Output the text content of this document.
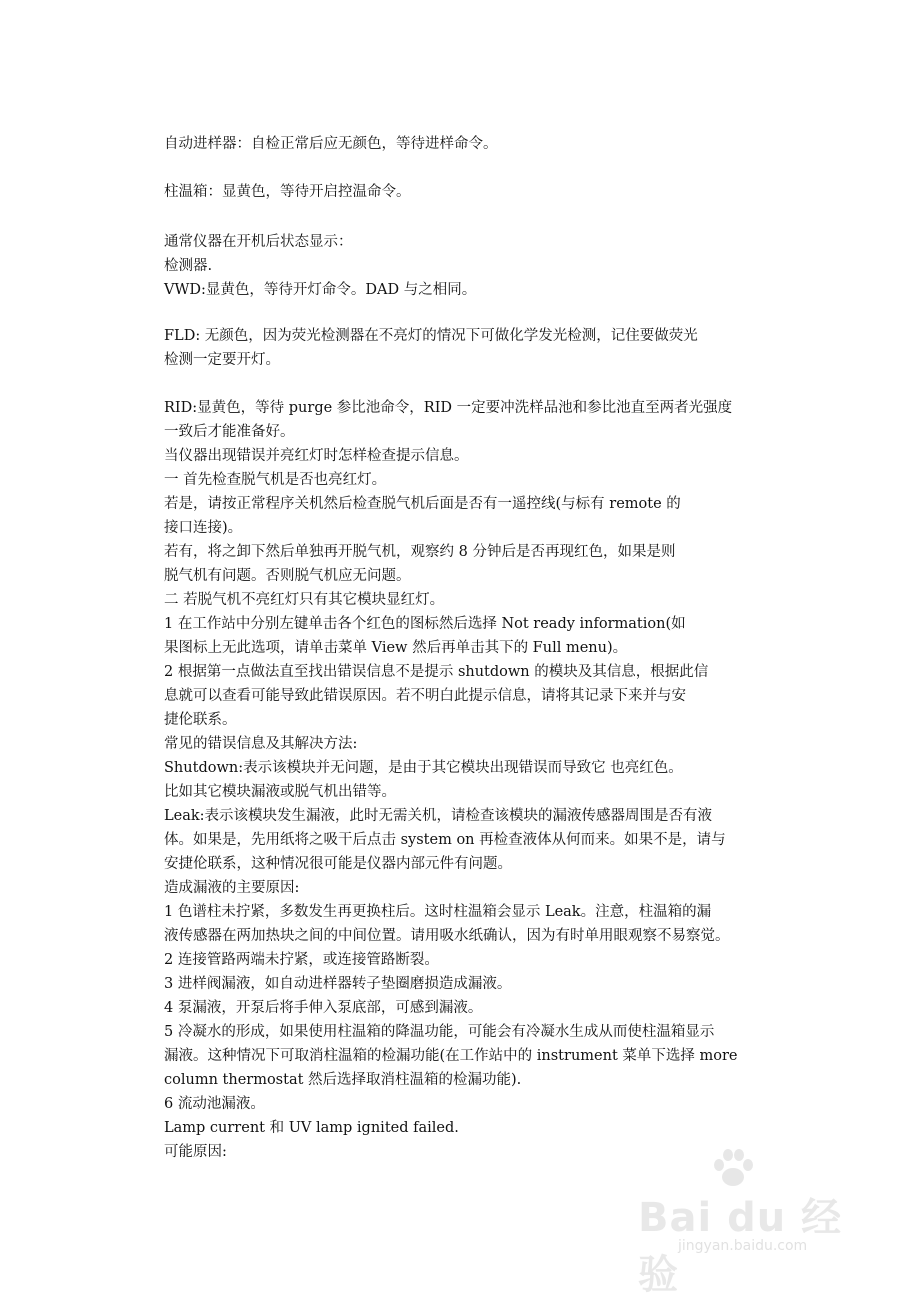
自动进样器：自检正常后应无颜色，等待进样命令。

柱温箱：显黄色，等待开启控温命令。

通常仪器在开机后状态显示：

检测器.

VWD:显黄色，等待开灯命令。DAD 与之相同。

FLD: 无颜色，因为荧光检测器在不亮灯的情况下可做化学发光检测，记住要做荧光

检测一定要开灯。

RID:显黄色，等待 purge 参比池命令，RID 一定要冲洗样品池和参比池直至两者光强度

一致后才能准备好。

当仪器出现错误并亮红灯时怎样检查提示信息。

一 首先检查脱气机是否也亮红灯。

若是，请按正常程序关机然后检查脱气机后面是否有一遥控线(与标有 remote 的

接口连接)。

若有，将之卸下然后单独再开脱气机，观察约 8 分钟后是否再现红色，如果是则

脱气机有问题。否则脱气机应无问题。

二 若脱气机不亮红灯只有其它模块显红灯。

1 在工作站中分别左键单击各个红色的图标然后选择 Not ready information(如

果图标上无此选项，请单击菜单 View 然后再单击其下的 Full menu)。

2 根据第一点做法直至找出错误信息不是提示 shutdown 的模块及其信息，根据此信

息就可以查看可能导致此错误原因。若不明白此提示信息，请将其记录下来并与安

捷伦联系。

常见的错误信息及其解决方法:

Shutdown:表示该模块并无问题，是由于其它模块出现错误而导致它 也亮红色。

比如其它模块漏液或脱气机出错等。

Leak:表示该模块发生漏液，此时无需关机，请检查该模块的漏液传感器周围是否有液

体。如果是，先用纸将之吸干后点击 system on 再检查液体从何而来。如果不是，请与

安捷伦联系，这种情况很可能是仪器内部元件有问题。

造成漏液的主要原因:

1 色谱柱未拧紧，多数发生再更换柱后。这时柱温箱会显示 Leak。注意，柱温箱的漏

液传感器在两加热块之间的中间位置。请用吸水纸确认，因为有时单用眼观察不易察觉。

2 连接管路两端未拧紧，或连接管路断裂。

3 进样阀漏液，如自动进样器转子垫圈磨损造成漏液。

4 泵漏液，开泵后将手伸入泵底部，可感到漏液。

5 冷凝水的形成，如果使用柱温箱的降温功能，可能会有冷凝水生成从而使柱温箱显示

漏液。这种情况下可取消柱温箱的检漏功能(在工作站中的 instrument 菜单下选择 more

column thermostat 然后选择取消柱温箱的检漏功能).

6 流动池漏液。

Lamp current 和 UV lamp ignited failed.

可能原因:

Bai du 经验
jingyan.baidu.com
